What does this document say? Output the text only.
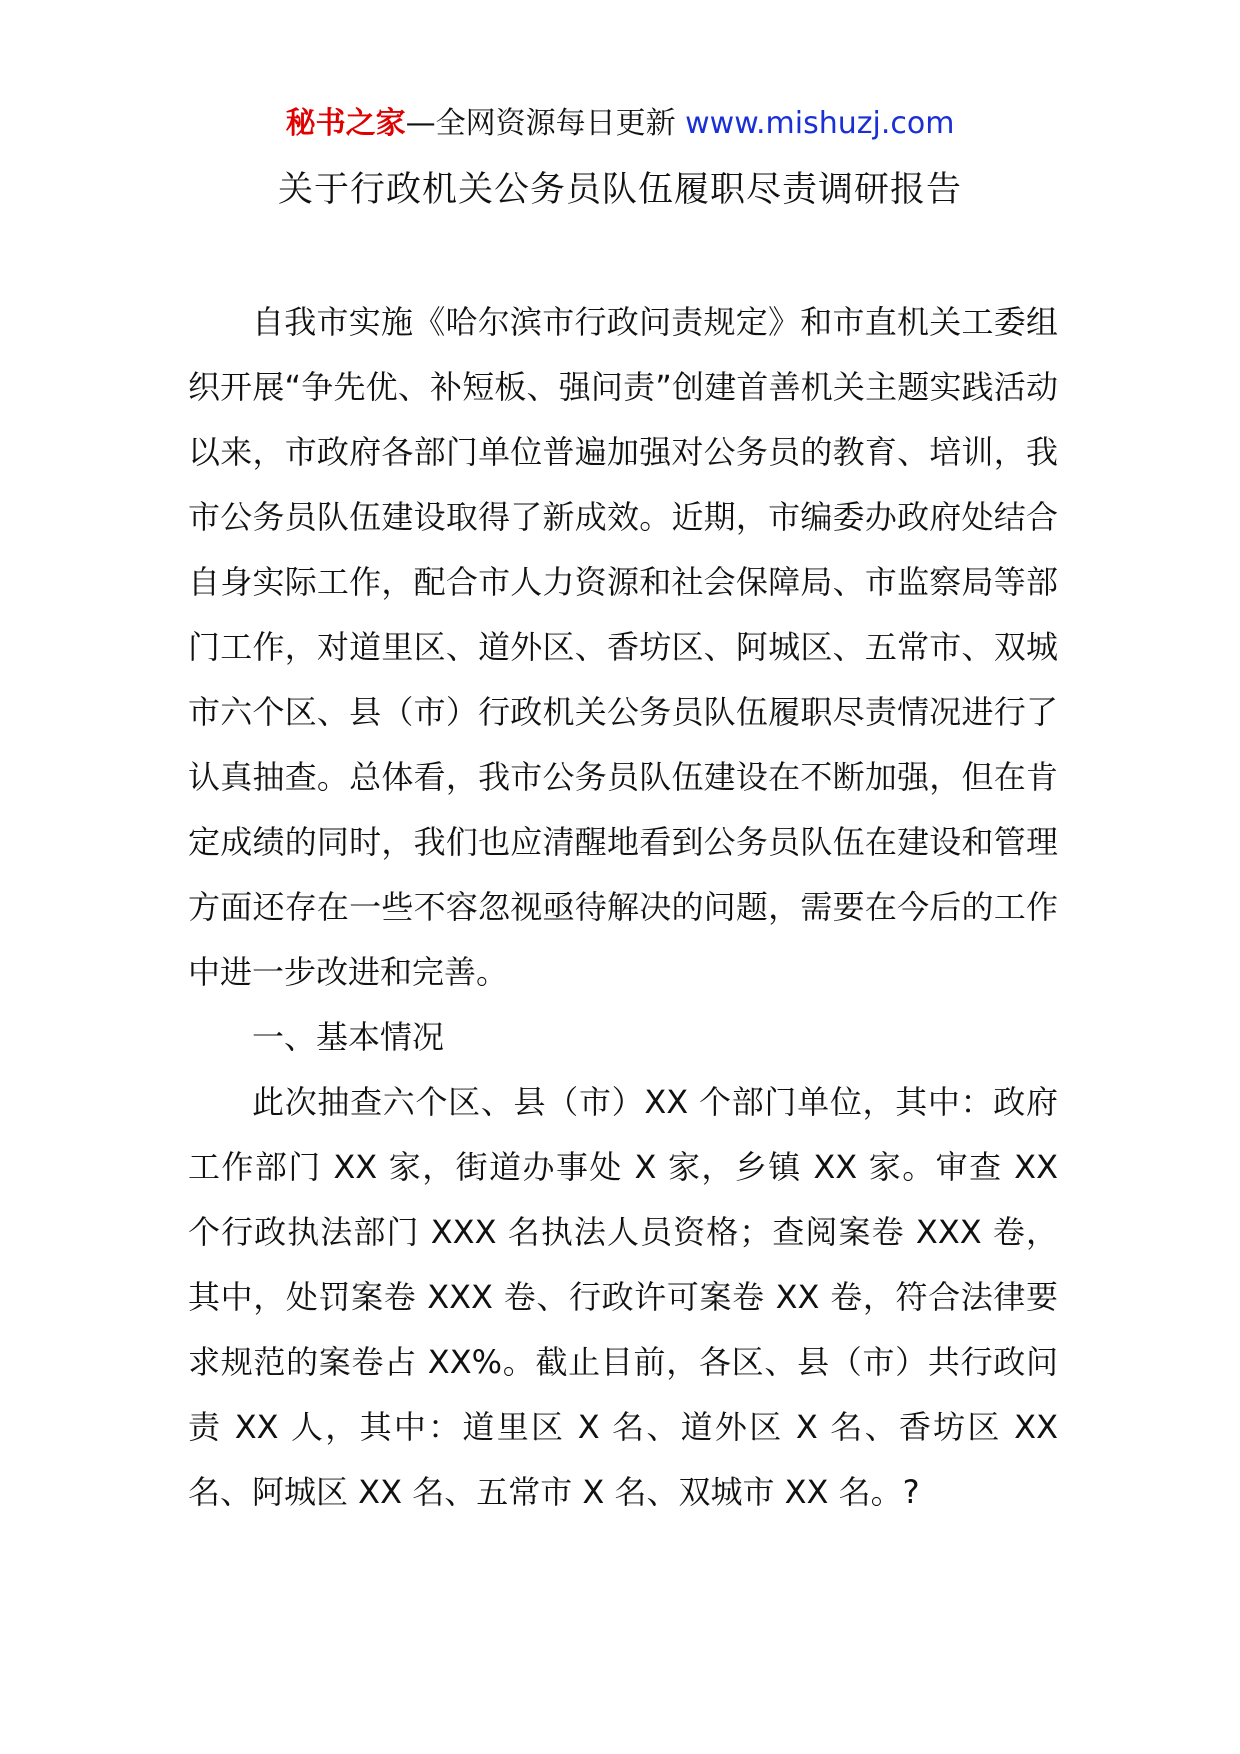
秘书之家—全网资源每日更新 www.mishuzj.com
关于行政机关公务员队伍履职尽责调研报告

自我市实施《哈尔滨市行政问责规定》和市直机关工委组织开展“争先优、补短板、强问责”创建首善机关主题实践活动以来，市政府各部门单位普遍加强对公务员的教育、培训，我市公务员队伍建设取得了新成效。近期，市编委办政府处结合自身实际工作，配合市人力资源和社会保障局、市监察局等部门工作，对道里区、道外区、香坊区、阿城区、五常市、双城市六个区、县（市）行政机关公务员队伍履职尽责情况进行了认真抽查。总体看，我市公务员队伍建设在不断加强，但在肯定成绩的同时，我们也应清醒地看到公务员队伍在建设和管理方面还存在一些不容忽视亟待解决的问题，需要在今后的工作中进一步改进和完善。

一、基本情况

此次抽查六个区、县（市）XX 个部门单位，其中：政府工作部门 XX 家，街道办事处 X 家，乡镇 XX 家。审查 XX 个行政执法部门 XXX 名执法人员资格；查阅案卷 XXX 卷，其中，处罚案卷 XXX 卷、行政许可案卷 XX 卷，符合法律要求规范的案卷占 XX%。截止目前，各区、县（市）共行政问责 XX 人，其中：道里区 X 名、道外区 X 名、香坊区 XX 名、阿城区 XX 名、五常市 X 名、双城市 XX 名。?
